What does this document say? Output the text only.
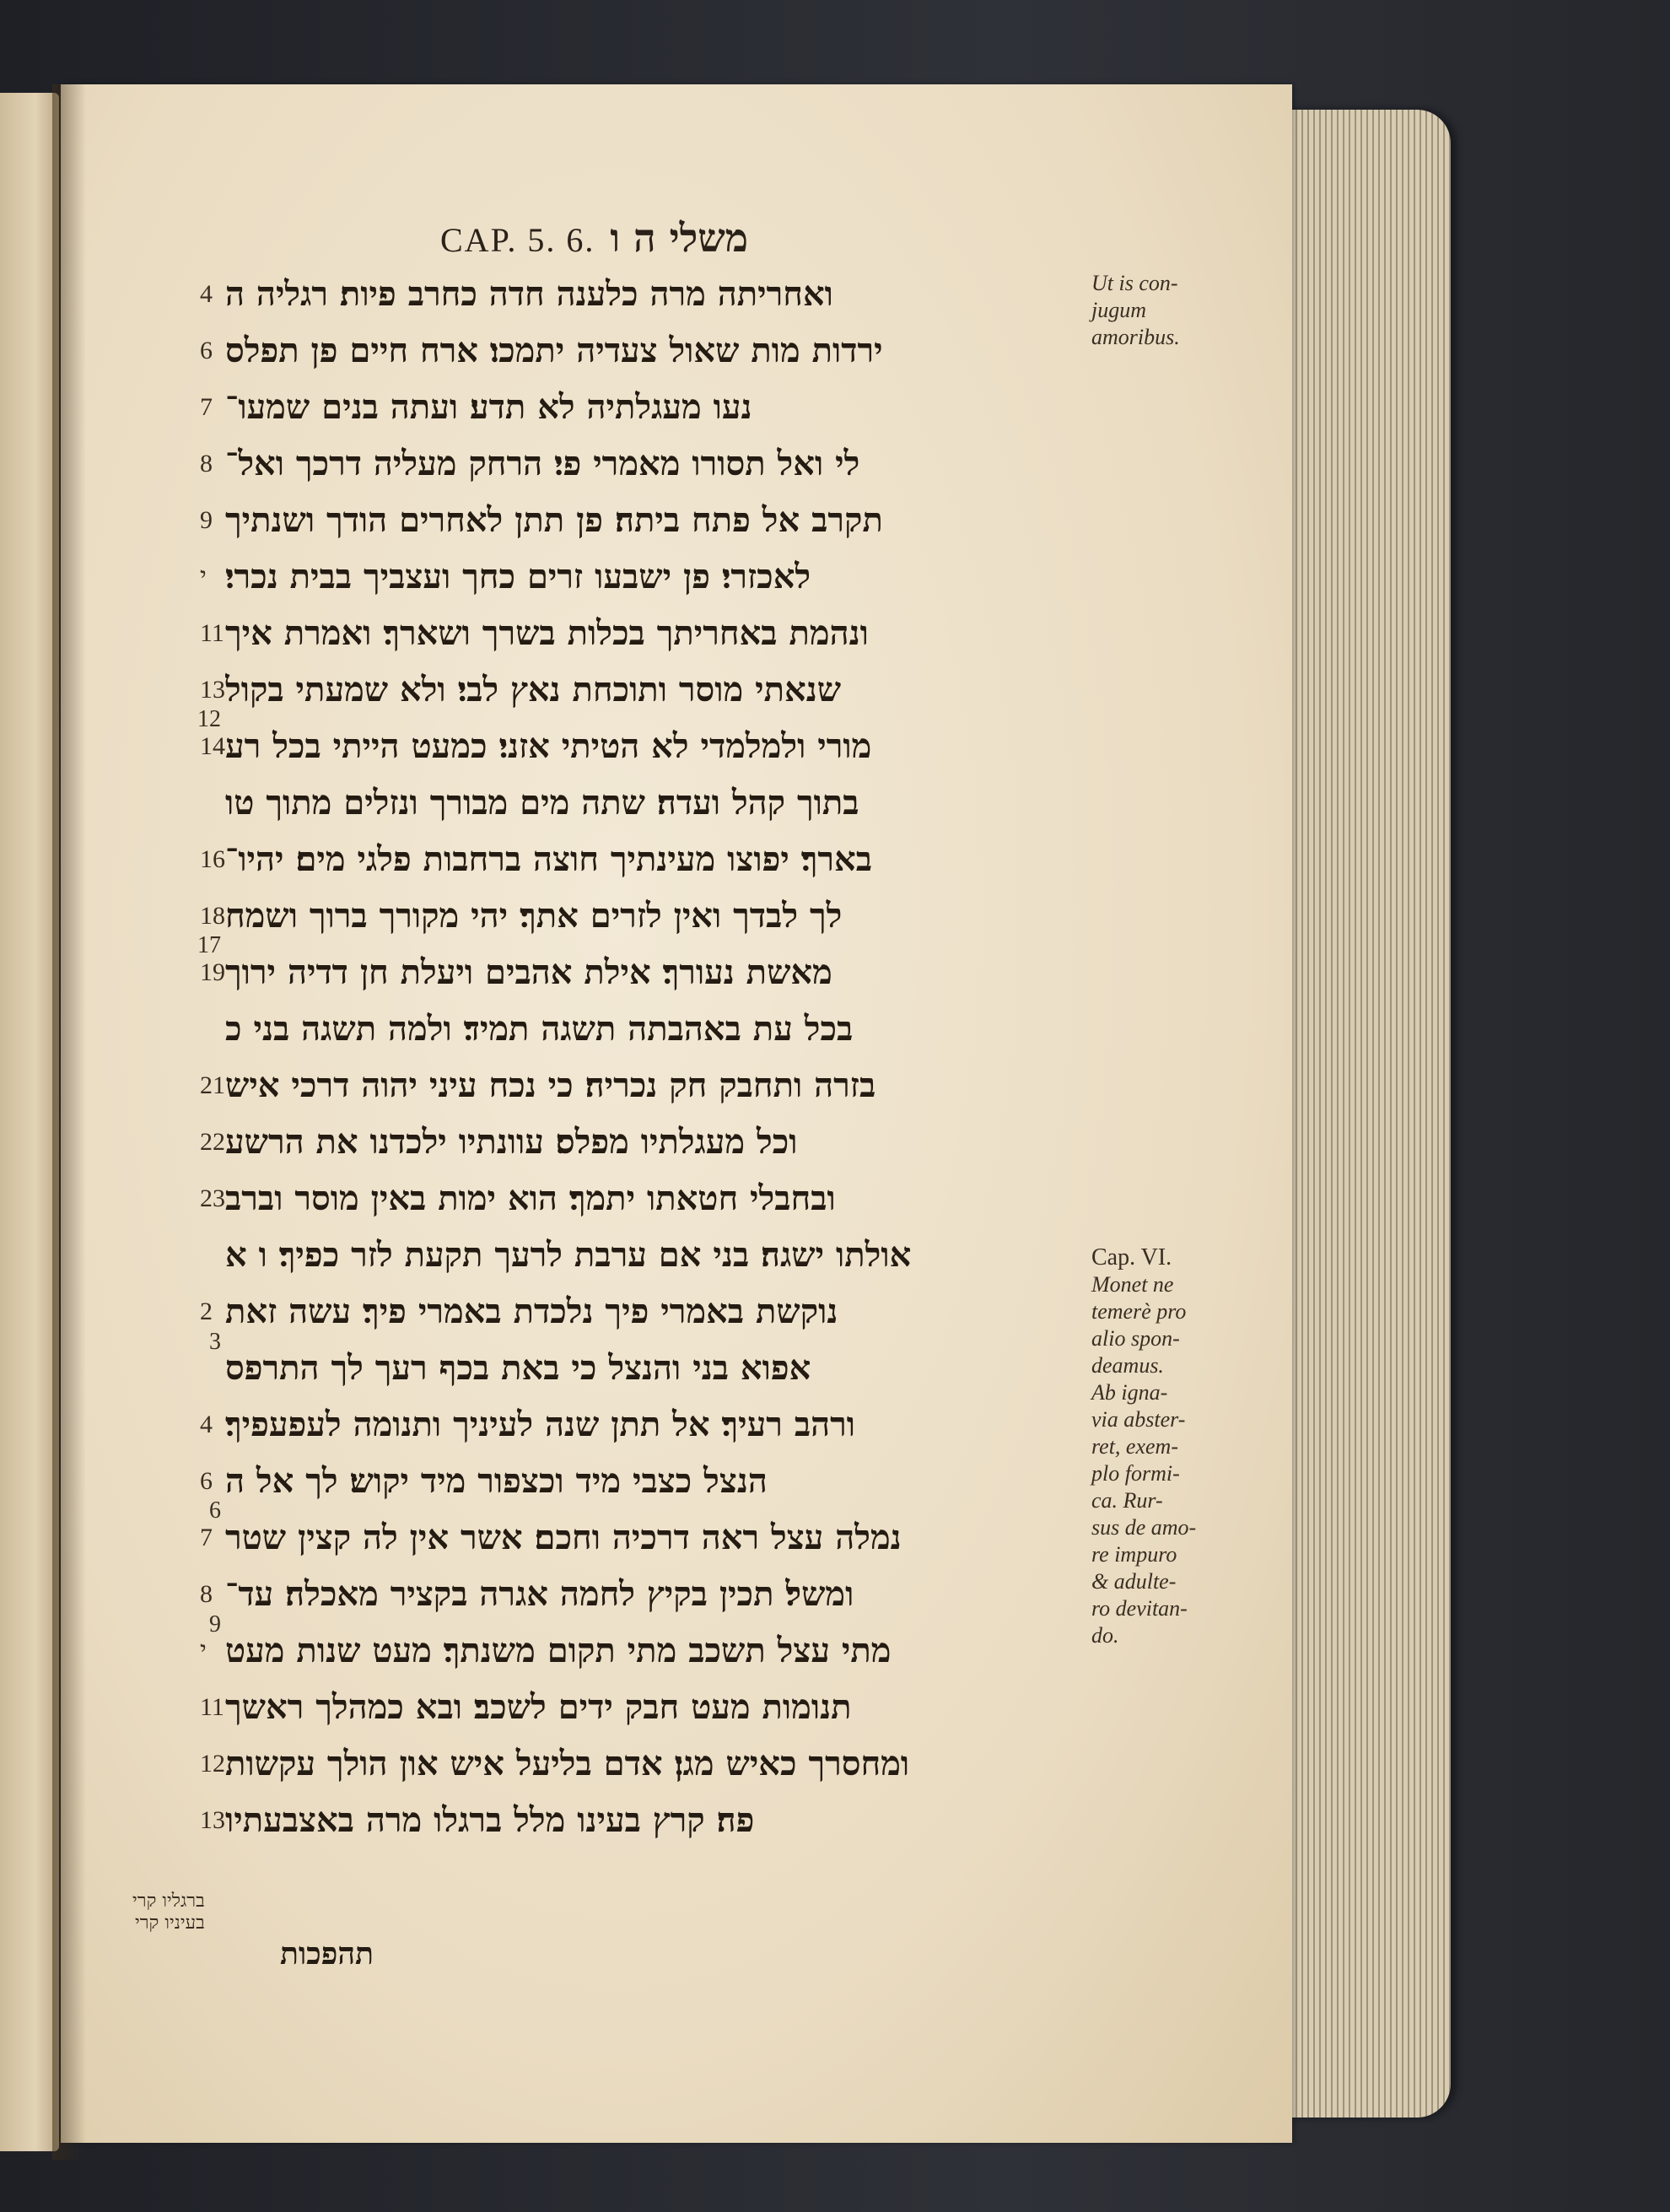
CAP. 5. 6. משלי ה ו
ואחריתה מרה כלענה חדה כחרב פיות׃ רגליה ה
4
ירדות מות שאול צעדיה יתמכו׃ ארח חיים פן תפלס
6
נעו מעגלתיה לא תדע׃ ועתה בנים שמעו־
7
לי ואל תסורו מאמרי פי׃ הרחק מעליה דרכך ואל־
8
תקרב אל פתח ביתה׃ פן תתן לאחרים הודך ושנתיך
9
לאכזרי׃ פן ישבעו זרים כחך ועצביך בבית נכרי׃
י
ונהמת באחריתך בכלות בשרך ושארך׃ ואמרת איך
11
שנאתי מוסר ותוכחת נאץ לבי׃ ולא שמעתי בקול
13
מורי ולמלמדי לא הטיתי אזני׃ כמעט הייתי בכל רע
14
בתוך קהל ועדה׃ שתה מים מבורך ונזלים מתוך טו
בארך׃ יפוצו מעינתיך חוצה ברחבות פלגי מים׃ יהיו־
16
לך לבדך ואין לזרים אתך׃ יהי מקורך ברוך ושמח
18
מאשת נעורך׃ אילת אהבים ויעלת חן דדיה ירוך
19
בכל עת באהבתה תשגה תמיד׃ ולמה תשגה בני כ
בזרה ותחבק חק נכריה׃ כי נכח עיני יהוה דרכי איש
21
וכל מעגלתיו מפלס׃ עוונתיו ילכדנו את הרשע
22
ובחבלי חטאתו יתמך׃ הוא ימות באין מוסר וברב
23
אולתו ישגה׃ בני אם ערבת לרעך תקעת לזר כפיך׃ ו א
נוקשת באמרי פיך נלכדת באמרי פיך׃ עשה זאת
2
אפוא בני והנצל כי באת בכף רעך לך התרפס
ורהב רעיך׃ אל תתן שנה לעיניך ותנומה לעפעפיך׃
4
הנצל כצבי מיד וכצפור מיד יקוש׃ לך אל ה
6
נמלה עצל ראה דרכיה וחכם׃ אשר אין לה קצין שטר
7
ומשל׃ תכין בקיץ לחמה אגרה בקציר מאכלה׃ עד־
8
מתי עצל תשכב מתי תקום משנתך׃ מעט שנות מעט
י
תנומות מעט חבק ידים לשכב׃ ובא כמהלך ראשך
11
ומחסרך כאיש מגן׃ אדם בליעל איש און הולך עקשות
12
פה׃ קרץ בעינו מלל ברגלו מרה באצבעתיו
13
12
17
3
6
9
Ut is con-
jugum
amoribus.
Cap. VI.
Monet ne
temerè pro
alio spon-
deamus.
Ab igna-
via abster-
ret, exem-
plo formi-
ca. Rur-
sus de amo-
re impuro
& adulte-
ro devitan-
do.
ברגליו קרי
בעיניו קרי
תהפכות
